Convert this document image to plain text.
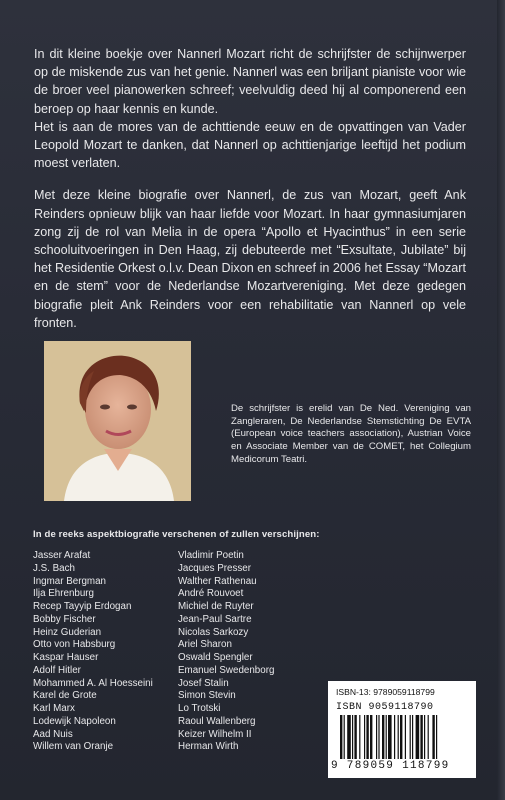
In dit kleine boekje over Nannerl Mozart richt de schrijfster de schijnwerper op de miskende zus van het genie. Nannerl was een briljant pianiste voor wie de broer veel pianowerken schreef; veelvuldig deed hij al componerend een beroep op haar kennis en kunde.

Het is aan de mores van de achttiende eeuw en de opvattingen van Vader Leopold Mozart te danken, dat Nannerl op achttienjarige leeftijd het podium moest verlaten.

Met deze kleine biografie over Nannerl, de zus van Mozart, geeft Ank Reinders opnieuw blijk van haar liefde voor Mozart. In haar gymnasiumjaren zong zij de rol van Melia in de opera “Apollo et Hyacinthus” in een serie schooluitvoeringen in Den Haag, zij debuteerde met “Exsultate, Jubilate” bij het Residentie Orkest o.l.v. Dean Dixon en schreef in 2006 het Essay “Mozart en de stem” voor de Nederlandse Mozartvereniging. Met deze gedegen biografie pleit Ank Reinders voor een rehabilitatie van Nannerl op vele fronten.

De schrijfster is erelid van De Ned. Vereniging van Zangleraren, De Nederlandse Stemstichting De EVTA (European voice teachers association), Austrian Voice en Associate Member van de COMET, het Collegium Medicorum Teatri.
In de reeks aspektbiografie verschenen of zullen verschijnen:
Jasser Arafat
J.S. Bach
Ingmar Bergman
Ilja Ehrenburg
Recep Tayyip Erdogan
Bobby Fischer
Heinz Guderian
Otto von Habsburg
Kaspar Hauser
Adolf Hitler
Mohammed A. Al Hoesseini
Karel de Grote
Karl Marx
Lodewijk Napoleon
Aad Nuis
Willem van Oranje
Vladimir Poetin
Jacques Presser
Walther Rathenau
André Rouvoet
Michiel de Ruyter
Jean-Paul Sartre
Nicolas Sarkozy
Ariel Sharon
Oswald Spengler
Emanuel Swedenborg
Josef Stalin
Simon Stevin
Lo Trotski
Raoul Wallenberg
Keizer Wilhelm II
Herman Wirth
ISBN-13: 9789059118799
ISBN 9059118790
9 789059 118799
